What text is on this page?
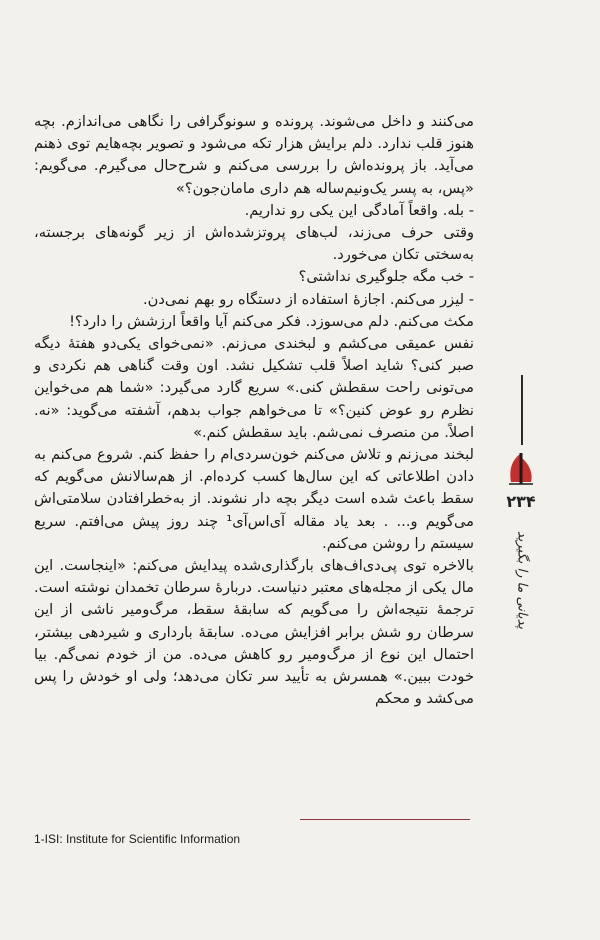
می‌کنند و داخل می‌شوند. پرونده و سونوگرافی را نگاهی می‌اندازم. بچه هنوز قلب ندارد. دلم برایش هزار تکه می‌شود و تصویر بچه‌هایم توی ذهنم می‌آید. باز پرونده‌اش را بررسی می‌کنم و شرح‌حال می‌گیرم. می‌گویم: «پس، به پسر یک‌ونیم‌ساله هم داری مامان‌جون؟»

- بله. واقعاً آمادگی این یکی رو نداریم.

وقتی حرف می‌زند، لب‌های پروتزشده‌اش از زیر گونه‌های برجسته، به‌سختی تکان می‌خورد.

- خب مگه جلوگیری نداشتی؟

- لیزر می‌کنم. اجازهٔ استفاده از دستگاه رو بهم نمی‌دن.

مکث می‌کنم. دلم می‌سوزد. فکر می‌کنم آیا واقعاً ارزشش را دارد؟!

نفس عمیقی می‌کشم و لبخندی می‌زنم. «نمی‌خوای یکی‌دو هفتهٔ دیگه صبر کنی؟ شاید اصلاً قلب تشکیل نشد. اون وقت گناهی هم نکردی و می‌تونی راحت سقطش کنی.» سریع گارد می‌گیرد: «شما هم می‌خواین نظرم رو عوض کنین؟» تا می‌خواهم جواب بدهم، آشفته می‌گوید: «نه. اصلاً. من منصرف نمی‌شم. باید سقطش کنم.»

لبخند می‌زنم و تلاش می‌کنم خون‌سردی‌ام را حفظ کنم. شروع می‌کنم به دادن اطلاعاتی که این سال‌ها کسب کرده‌ام. از هم‌سالانش می‌گویم که سقط باعث شده است دیگر بچه دار نشوند. از به‌خطرافتادن سلامتی‌اش می‌گویم و... . بعد یاد مقاله آی‌اس‌آی¹ چند روز پیش می‌افتم. سریع سیستم را روشن می‌کنم.

بالاخره توی پی‌دی‌اف‌های بارگذاری‌شده پیدایش می‌کنم: «اینجاست. این مال یکی از مجله‌های معتبر دنیاست. دربارهٔ سرطان تخمدان نوشته است. ترجمهٔ نتیجه‌اش را می‌گویم که سابقهٔ سقط، مرگ‌ومیر ناشی از این سرطان رو شش برابر افزایش می‌ده. سابقهٔ بارداری و شیردهی بیشتر، احتمال این نوع از مرگ‌ومیر رو کاهش می‌ده. من از خودم نمی‌گم. بیا خودت ببین.» همسرش به تأیید سر تکان می‌دهد؛ ولی او خودش را پس می‌کشد و محکم

1-ISI: Institute for Scientific Information
۲۳۴
پدیانی ما را بگیرید
